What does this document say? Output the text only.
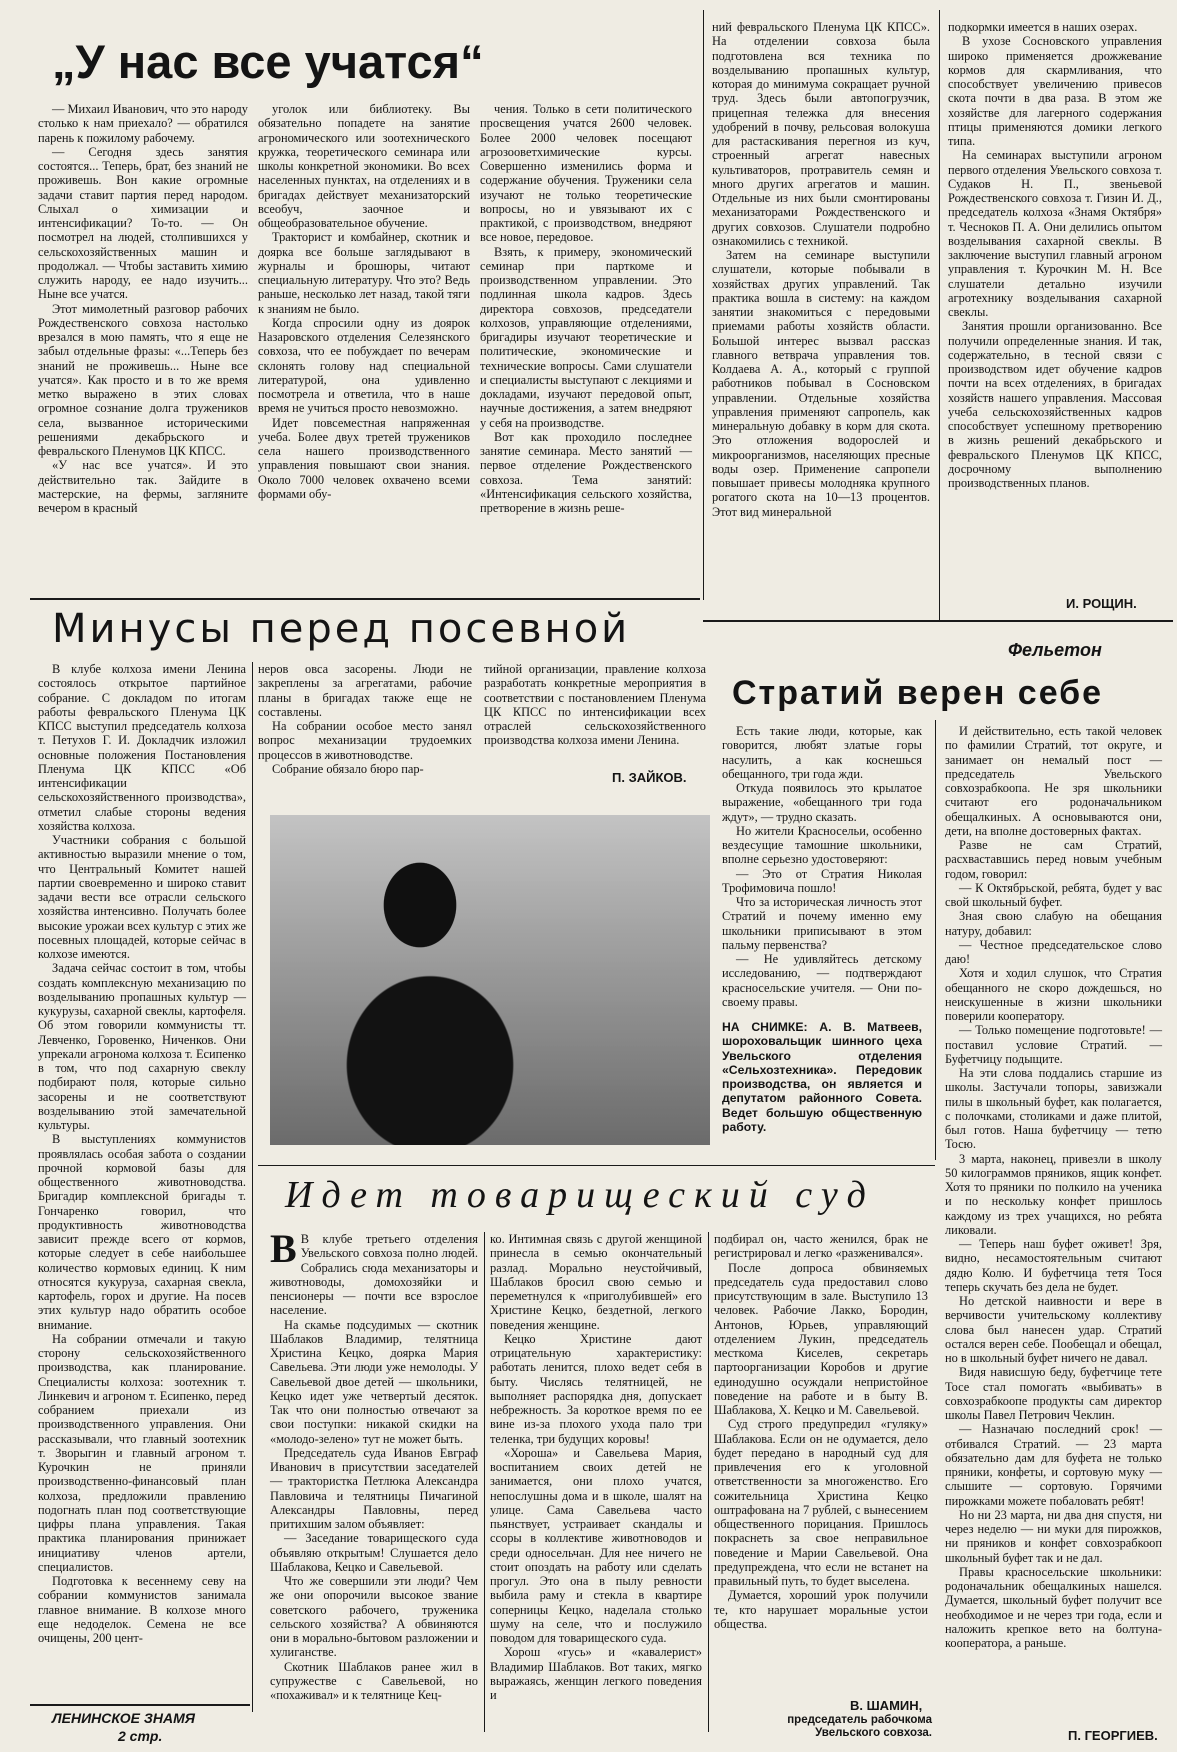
„У нас все учатся“

— Михаил Иванович, что это народу столько к нам приехало? — обратился парень к пожилому рабочему.

— Сегодня здесь занятия состоятся... Теперь, брат, без знаний не проживешь. Вон какие огромные задачи ставит партия перед народом. Слыхал о химизации и интенсификации? То-то. — Он посмотрел на людей, столпившихся у сельскохозяйственных машин и продолжал. — Чтобы заставить химию служить народу, ее надо изучить... Ныне все учатся.

Этот мимолетный разговор рабочих Рождественского совхоза настолько врезался в мою память, что я еще не забыл отдельные фразы: «...Теперь без знаний не проживешь... Ныне все учатся». Как просто и в то же время метко выражено в этих словах огромное сознание долга тружеников села, вызванное историческими решениями декабрьского и февральского Пленумов ЦК КПСС.

«У нас все учатся». И это действительно так. Зайдите в мастерские, на фермы, загляните вечером в красный

уголок или библиотеку. Вы обязательно попадете на занятие агрономического или зоотехнического кружка, теоретического семинара или школы конкретной экономики. Во всех населенных пунктах, на отделениях и в бригадах действует механизаторский всеобуч, заочное и общеобразовательное обучение.

Тракторист и комбайнер, скотник и доярка все больше заглядывают в журналы и брошюры, читают специальную литературу. Что это? Ведь раньше, несколько лет назад, такой тяги к знаниям не было.

Когда спросили одну из доярок Назаровского отделения Селезянского совхоза, что ее побуждает по вечерам склонять голову над специальной литературой, она удивленно посмотрела и ответила, что в наше время не учиться просто невозможно.

Идет повсеместная напряженная учеба. Более двух третей тружеников села нашего производственного управления повышают свои знания. Около 7000 человек охвачено всеми формами обу-

чения. Только в сети политического просвещения учатся 2600 человек. Более 2000 человек посещают агрозооветхимические курсы. Совершенно изменились форма и содержание обучения. Труженики села изучают не только теоретические вопросы, но и увязывают их с практикой, с производством, внедряют все новое, передовое.

Взять, к примеру, экономический семинар при парткоме и производственном управлении. Это подлинная школа кадров. Здесь директора совхозов, председатели колхозов, управляющие отделениями, бригадиры изучают теоретические и политические, экономические и технические вопросы. Сами слушатели и специалисты выступают с лекциями и докладами, изучают передовой опыт, научные достижения, а затем внедряют у себя на производстве.

Вот как проходило последнее занятие семинара. Место занятий — первое отделение Рождественского совхоза. Тема занятий: «Интенсификация сельского хозяйства, претворение в жизнь реше-

ний февральского Пленума ЦК КПСС». На отделении совхоза была подготовлена вся техника по возделыванию пропашных культур, которая до минимума сокращает ручной труд. Здесь были автопогрузчик, прицепная тележка для внесения удобрений в почву, рельсовая волокуша для растаскивания перегноя из куч, строенный агрегат навесных культиваторов, протравитель семян и много других агрегатов и машин. Отдельные из них были смонтированы механизаторами Рождественского и других совхозов. Слушатели подробно ознакомились с техникой.

Затем на семинаре выступили слушатели, которые побывали в хозяйствах других управлений. Так практика вошла в систему: на каждом занятии знакомиться с передовыми приемами работы хозяйств области. Большой интерес вызвал рассказ главного ветврача управления тов. Колдаева А. А., который с группой работников побывал в Сосновском управлении. Отдельные хозяйства управления применяют сапропель, как минеральную добавку в корм для скота. Это отложения водорослей и микроорганизмов, населяющих пресные воды озер. Применение сапропели повышает привесы молодняка крупного рогатого скота на 10—13 процентов. Этот вид минеральной

подкормки имеется в наших озерах.

В ухозе Сосновского управления широко применяется дрожжевание кормов для скармливания, что способствует увеличению привесов скота почти в два раза. В этом же хозяйстве для лагерного содержания птицы применяются домики легкого типа.

На семинарах выступили агроном первого отделения Увельского совхоза т. Судаков Н. П., звеньевой Рождественского совхоза т. Гизин И. Д., председатель колхоза «Знамя Октября» т. Чесноков П. А. Они делились опытом возделывания сахарной свеклы. В заключение выступил главный агроном управления т. Курочкин М. Н. Все слушатели детально изучили агротехнику возделывания сахарной свеклы.

Занятия прошли организованно. Все получили определенные знания. И так, содержательно, в тесной связи с производством идет обучение кадров почти на всех отделениях, в бригадах хозяйств нашего управления. Массовая учеба сельскохозяйственных кадров способствует успешному претворению в жизнь решений декабрьского и февральского Пленумов ЦК КПСС, досрочному выполнению производственных планов.

И. РОЩИН.
Минусы перед посевной

В клубе колхоза имени Ленина состоялось открытое партийное собрание. С докладом по итогам работы февральского Пленума ЦК КПСС выступил председатель колхоза т. Петухов Г. И. Докладчик изложил основные положения Постановления Пленума ЦК КПСС «Об интенсификации сельскохозяйственного производства», отметил слабые стороны ведения хозяйства колхоза.

Участники собрания с большой активностью выразили мнение о том, что Центральный Комитет нашей партии своевременно и широко ставит задачи вести все отрасли сельского хозяйства интенсивно. Получать более высокие урожаи всех культур с этих же посевных площадей, которые сейчас в колхозе имеются.

Задача сейчас состоит в том, чтобы создать комплексную механизацию по возделыванию пропашных культур — кукурузы, сахарной свеклы, картофеля. Об этом говорили коммунисты тт. Левченко, Горовенко, Ниченков. Они упрекали агронома колхоза т. Есипенко в том, что под сахарную свеклу подбирают поля, которые сильно засорены и не соответствуют возделыванию этой замечательной культуры.

В выступлениях коммунистов проявлялась особая забота о создании прочной кормовой базы для общественного животноводства. Бригадир комплексной бригады т. Гончаренко говорил, что продуктивность животноводства зависит прежде всего от кормов, которые следует в себе наибольшее количество кормовых единиц. К ним относятся кукуруза, сахарная свекла, картофель, горох и другие. На посев этих культур надо обратить особое внимание.

На собрании отмечали и такую сторону сельскохозяйственного производства, как планирование. Специалисты колхоза: зоотехник т. Линкевич и агроном т. Есипенко, перед собранием приехали из производственного управления. Они рассказывали, что главный зоотехник т. Зворыгин и главный агроном т. Курочкин не приняли производственно-финансовый план колхоза, предложили правлению подогнать план под соответствующие цифры плана управления. Такая практика планирования принижает инициативу членов артели, специалистов.

Подготовка к весеннему севу на собрании коммунистов занимала главное внимание. В колхозе много еще недоделок. Семена не все очищены, 200 цент-

неров овса засорены. Люди не закреплены за агрегатами, рабочие планы в бригадах также еще не составлены.

На собрании особое место занял вопрос механизации трудоемких процессов в животноводстве.

Собрание обязало бюро пар-

тийной организации, правление колхоза разработать конкретные мероприятия в соответствии с постановлением Пленума ЦК КПСС по интенсификации всех отраслей сельскохозяйственного производства колхоза имени Ленина.

П. ЗАЙКОВ.
НА СНИМКЕ: А. В. Матвеев, шороховальщик шинного цеха Увельского отделения «Сельхозтехника». Передовик производства, он является и депутатом районного Совета. Ведет большую общественную работу.
Фельетон
Стратий верен себе

Есть такие люди, которые, как говорится, любят златые горы насулить, а как коснешься обещанного, три года жди.

Откуда появилось это крылатое выражение, «обещанного три года ждут», — трудно сказать.

Но жители Красносельи, особенно вездесущие тамошние школьники, вполне серьезно удостоверяют:

— Это от Стратия Николая Трофимовича пошло!

Что за историческая личность этот Стратий и почему именно ему школьники приписывают в этом пальму первенства?

— Не удивляйтесь детскому исследованию, — подтверждают красносельские учителя. — Они по-своему правы.

И действительно, есть такой человек по фамилии Стратий, тот округе, и занимает он немалый пост — председатель Увельского совхозрабкоопа. Не зря школьники считают его родоначальником обещалкиных. А основываются они, дети, на вполне достоверных фактах.

Разве не сам Стратий, расхваставшись перед новым учебным годом, говорил:

— К Октябрьской, ребята, будет у вас свой школьный буфет.

Зная свою слабую на обещания натуру, добавил:

— Честное председательское слово даю!

Хотя и ходил слушок, что Стратия обещанного не скоро дождешься, но неискушенные в жизни школьники поверили кооператору.

— Только помещение подготовьте! — поставил условие Стратий. — Буфетчицу подыщите.

На эти слова поддались старшие из школы. Застучали топоры, завизжали пилы в школьный буфет, как полагается, с полочками, столиками и даже плитой, был готов. Наша буфетчицу — тетю Тосю.

3 марта, наконец, привезли в школу 50 килограммов пряников, ящик конфет. Хотя то пряники по полкило на ученика и по нескольку конфет пришлось каждому из трех учащихся, но ребята ликовали.

— Теперь наш буфет оживет! Зря, видно, несамостоятельным считают дядю Колю. И буфетчица тетя Тося теперь скучать без дела не будет.

Но детской наивности и вере в верчивости учительскому коллективу слова был нанесен удар. Стратий остался верен себе. Пообещал и обещал, но в школьный буфет ничего не давал.

Видя нависшую беду, буфетчице тете Тосе стал помогать «выбивать» в совхозрабкоопе продукты сам директор школы Павел Петрович Чеклин.

— Назначаю последний срок! — отбивался Стратий. — 23 марта обязательно дам для буфета не только пряники, конфеты, и сортовую муку — слышите — сортовую. Горячими пирожками можете побаловать ребят!

Но ни 23 марта, ни два дня спустя, ни через неделю — ни муки для пирожков, ни пряников и конфет совхозрабкооп школьный буфет так и не дал.

Правы красносельские школьники: родоначальник обещалкиных нашелся. Думается, школьный буфет получит все необходимое и не через три года, если и наложить крепкое вето на болтуна-кооператора, а раньше.

П. ГЕОРГИЕВ.
Идет товарищеский суд

В В клубе третьего отделения Увельского совхоза полно людей. Собрались сюда механизаторы и животноводы, домохозяйки и пенсионеры — почти все взрослое население.

На скамье подсудимых — скотник Шаблаков Владимир, телятница Христина Кецко, доярка Мария Савельева. Эти люди уже немолоды. У Савельевой двое детей — школьники, Кецко идет уже четвертый десяток. Так что они полностью отвечают за свои поступки: никакой скидки на «молодо-зелено» тут не может быть.

Председатель суда Иванов Евграф Иванович в присутствии заседателей — трактористка Петлюка Александра Павловича и телятницы Пичагиной Александры Павловны, перед притихшим залом объявляет:

— Заседание товарищеского суда объявляю открытым! Слушается дело Шаблакова, Кецко и Савельевой.

Что же совершили эти люди? Чем же они опорочили высокое звание советского рабочего, труженика сельского хозяйства? А обвиняются они в морально-бытовом разложении и хулиганстве.

Скотник Шаблаков ранее жил в супружестве с Савельевой, но «похаживал» и к телятнице Кец-

ко. Интимная связь с другой женщиной принесла в семью окончательный разлад. Морально неустойчивый, Шаблаков бросил свою семью и переметнулся к «приголубившей» его Христине Кецко, бездетной, легкого поведения женщине.

Кецко Христине дают отрицательную характеристику: работать ленится, плохо ведет себя в быту. Числясь телятницей, не выполняет распорядка дня, допускает небрежность. За короткое время по ее вине из-за плохого ухода пало три теленка, три будущих коровы!

«Хороша» и Савельева Мария, воспитанием своих детей не занимается, они плохо учатся, непослушны дома и в школе, шалят на улице. Сама Савельева часто пьянствует, устраивает скандалы и ссоры в коллективе животноводов и среди односельчан. Для нее ничего не стоит опоздать на работу или сделать прогул. Это она в пылу ревности выбила раму и стекла в квартире соперницы Кецко, наделала столько шуму на селе, что и послужило поводом для товарищеского суда.

Хорош «гусь» и «кавалерист» Владимир Шаблаков. Вот таких, мягко выражаясь, женщин легкого поведения и

подбирал он, часто женился, брак не регистрировал и легко «разженивался».

После допроса обвиняемых председатель суда предоставил слово присутствующим в зале. Выступило 13 человек. Рабочие Лакко, Бородин, Антонов, Юрьев, управляющий отделением Лукин, председатель месткома Киселев, секретарь партоорганизации Коробов и другие единодушно осуждали непристойное поведение на работе и в быту В. Шаблакова, Х. Кецко и М. Савельевой.

Суд строго предупредил «гуляку» Шаблакова. Если он не одумается, дело будет передано в народный суд для привлечения его к уголовной ответственности за многоженство. Его сожительница Христина Кецко оштрафована на 7 рублей, с вынесением общественного порицания. Пришлось покраснеть за свое неправильное поведение и Марии Савельевой. Она предупреждена, что если не встанет на правильный путь, то будет выселена.

Думается, хороший урок получили те, кто нарушает моральные устои общества.

В. ШАМИН,
председатель рабочкома Увельского совхоза.
ЛЕНИНСКОЕ ЗНАМЯ
2 стр.
